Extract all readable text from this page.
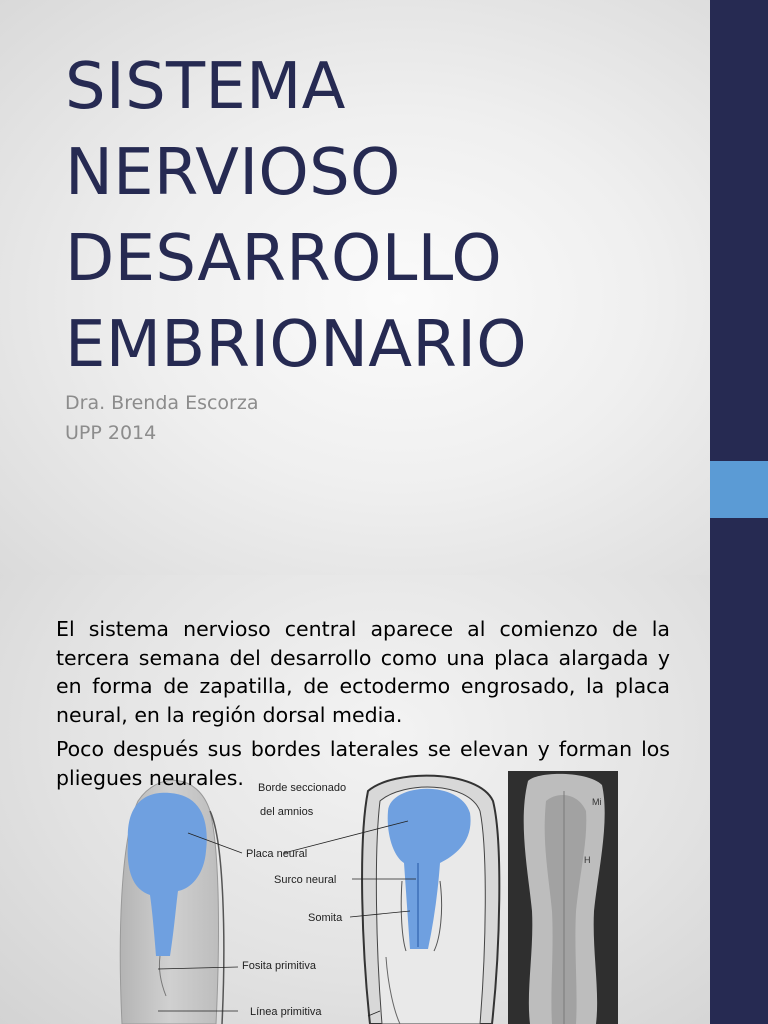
SISTEMA
NERVIOSO
DESARROLLO
EMBRIONARIO
Dra. Brenda Escorza
UPP 2014

El sistema nervioso central aparece al comienzo de la tercera semana del desarrollo como una placa alargada y en forma de zapatilla, de ectodermo engrosado, la placa neural, en la región dorsal media.

Poco después sus bordes laterales se elevan y forman los pliegues neurales.

Mi
H
Borde seccionado
del amnios
Placa neural
Surco neural
Somita
Fosita primitiva
Línea primitiva
